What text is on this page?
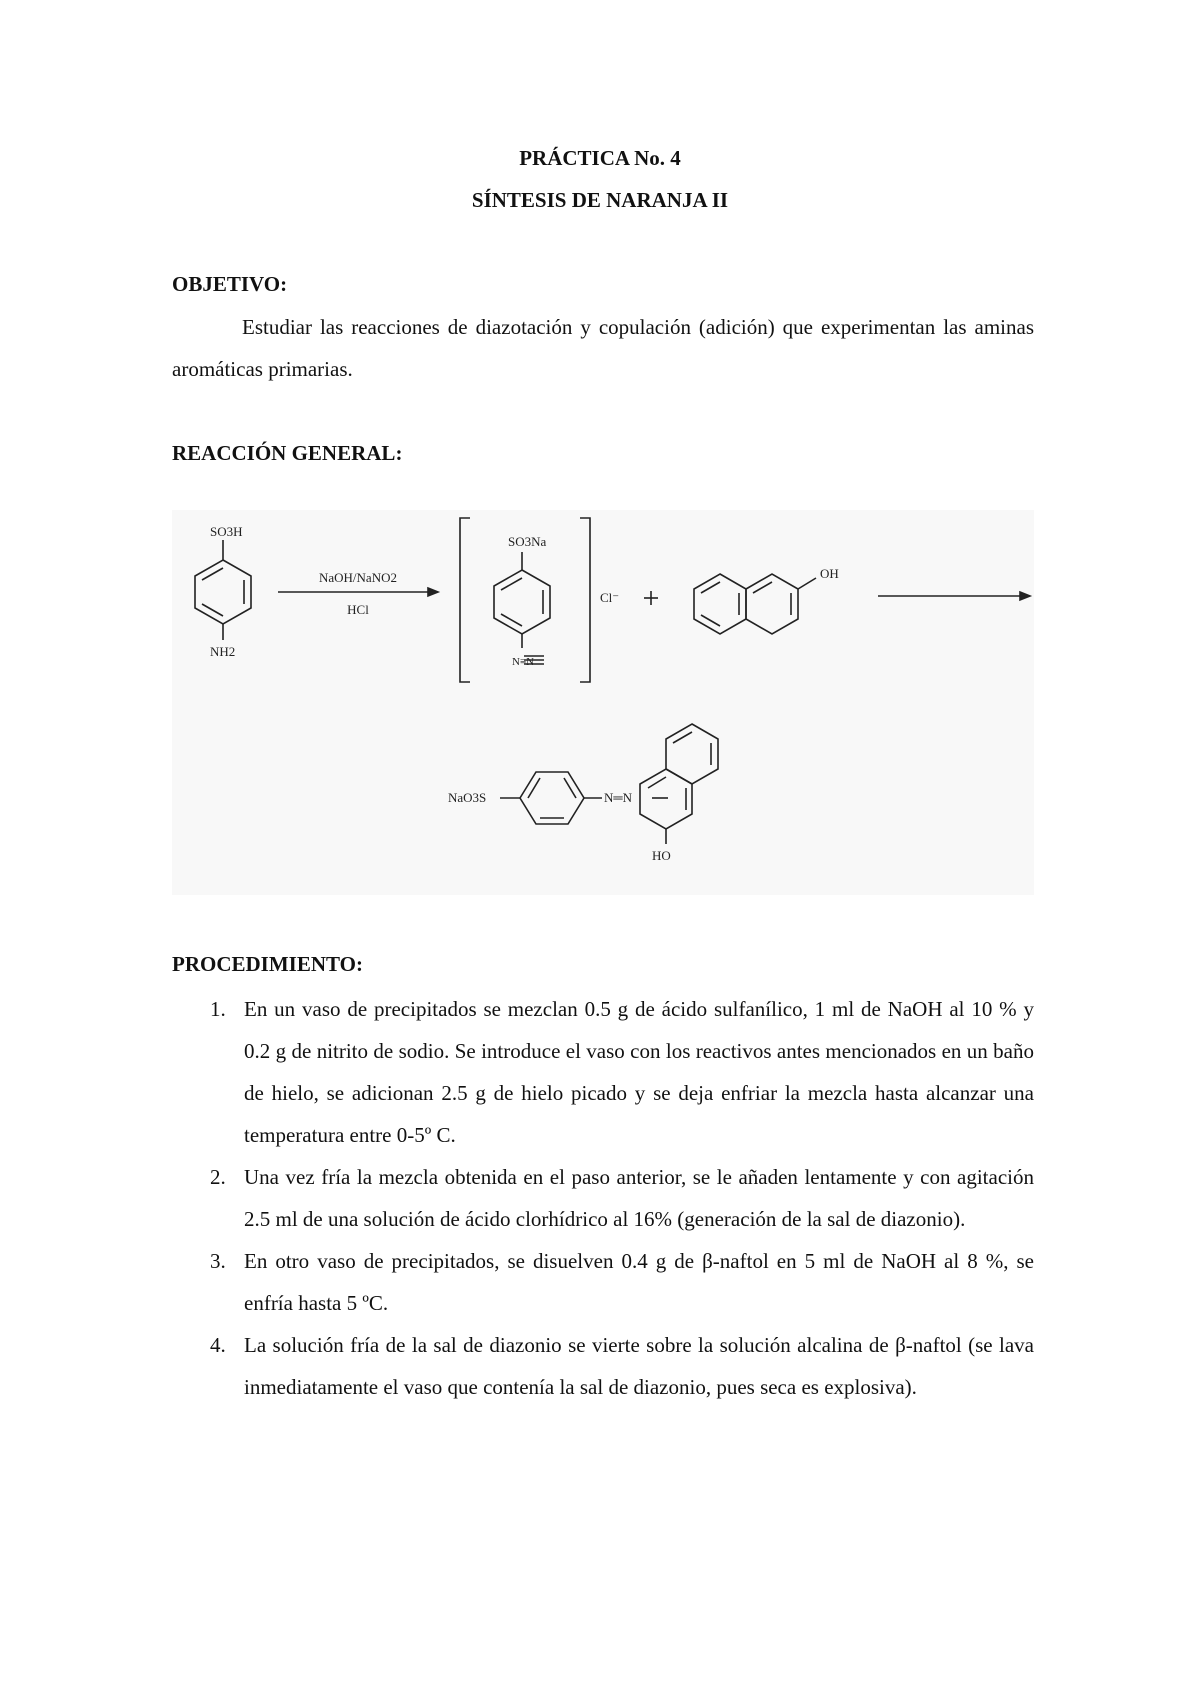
PRÁCTICA No. 4
SÍNTESIS DE NARANJA II
OBJETIVO:

Estudiar las reacciones de diazotación y copulación (adición) que experimentan las aminas aromáticas primarias.

REACCIÓN GENERAL:
SO3H
NH2
NaOH/NaNO2
HCl
SO3Na
N≡N
Cl⁻
OH
NaO3S	N═N
HO
PROCEDIMIENTO:
1. En un vaso de precipitados se mezclan 0.5 g de ácido sulfanílico, 1 ml de NaOH al 10 % y 0.2 g de nitrito de sodio. Se introduce el vaso con los reactivos antes mencionados en un baño de hielo, se adicionan 2.5 g de hielo picado y se deja enfriar la mezcla hasta alcanzar una temperatura entre 0-5º C.
2. Una vez fría la mezcla obtenida en el paso anterior, se le añaden lentamente y con agitación 2.5 ml de una solución de ácido clorhídrico al 16% (generación de la sal de diazonio).
3. En otro vaso de precipitados, se disuelven 0.4 g de β-naftol en 5 ml de NaOH al 8 %, se enfría hasta 5 ºC.
4. La solución fría de la sal de diazonio se vierte sobre la solución alcalina de β-naftol (se lava inmediatamente el vaso que contenía la sal de diazonio, pues seca es explosiva).
